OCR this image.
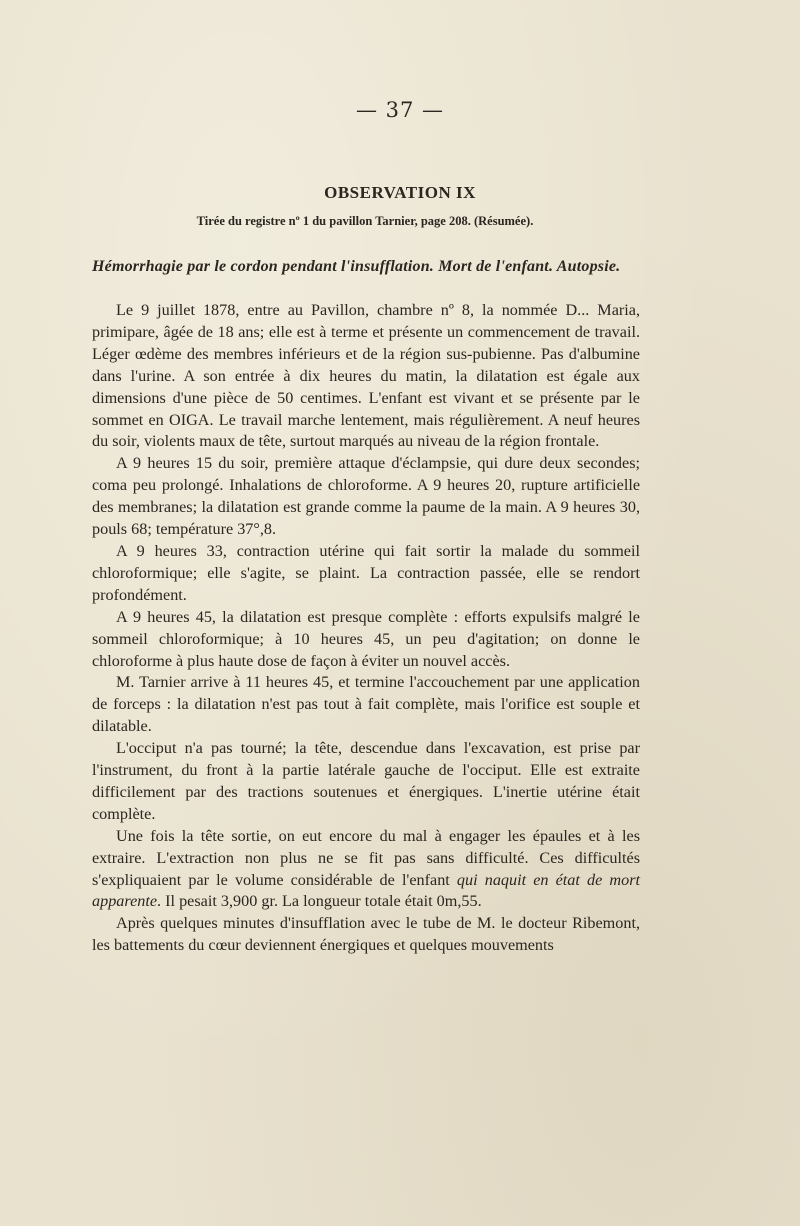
— 37 —
OBSERVATION IX
Tirée du registre nº 1 du pavillon Tarnier, page 208. (Résumée).
Hémorrhagie par le cordon pendant l'insufflation. Mort de l'enfant. Autopsie.

Le 9 juillet 1878, entre au Pavillon, chambre nº 8, la nommée D... Maria, primipare, âgée de 18 ans; elle est à terme et présente un commencement de travail. Léger œdème des membres inférieurs et de la région sus-pubienne. Pas d'albumine dans l'urine. A son entrée à dix heures du matin, la dilatation est égale aux dimensions d'une pièce de 50 centimes. L'enfant est vivant et se présente par le sommet en OIGA. Le travail marche lentement, mais régulièrement. A neuf heures du soir, violents maux de tête, surtout marqués au niveau de la région frontale.

A 9 heures 15 du soir, première attaque d'éclampsie, qui dure deux secondes; coma peu prolongé. Inhalations de chloroforme. A 9 heures 20, rupture artificielle des membranes; la dilatation est grande comme la paume de la main. A 9 heures 30, pouls 68; température 37°,8.

A 9 heures 33, contraction utérine qui fait sortir la malade du sommeil chloroformique; elle s'agite, se plaint. La contraction passée, elle se rendort profondément.

A 9 heures 45, la dilatation est presque complète : efforts expulsifs malgré le sommeil chloroformique; à 10 heures 45, un peu d'agitation; on donne le chloroforme à plus haute dose de façon à éviter un nouvel accès.

M. Tarnier arrive à 11 heures 45, et termine l'accouchement par une application de forceps : la dilatation n'est pas tout à fait complète, mais l'orifice est souple et dilatable.

L'occiput n'a pas tourné; la tête, descendue dans l'excavation, est prise par l'instrument, du front à la partie latérale gauche de l'occiput. Elle est extraite difficilement par des tractions soutenues et énergiques. L'inertie utérine était complète.

Une fois la tête sortie, on eut encore du mal à engager les épaules et à les extraire. L'extraction non plus ne se fit pas sans difficulté. Ces difficultés s'expliquaient par le volume considérable de l'enfant qui naquit en état de mort apparente. Il pesait 3,900 gr. La longueur totale était 0m,55.

Après quelques minutes d'insufflation avec le tube de M. le docteur Ribemont, les battements du cœur deviennent énergiques et quelques mouvements
